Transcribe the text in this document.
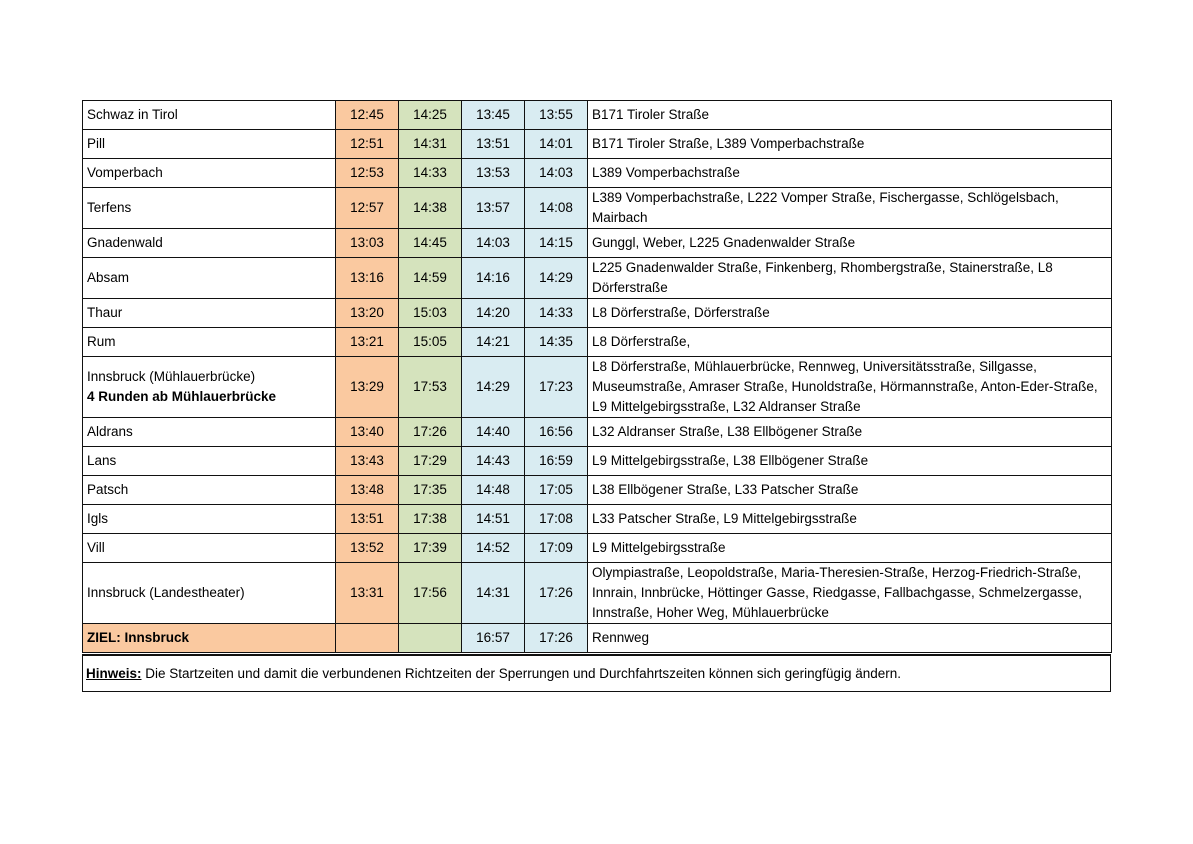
Schwaz in Tirol	12:45	14:25	13:45	13:55	B171 Tiroler Straße
Pill	12:51	14:31	13:51	14:01	B171 Tiroler Straße, L389 Vomperbachstraße
Vomperbach	12:53	14:33	13:53	14:03	L389 Vomperbachstraße
Terfens	12:57	14:38	13:57	14:08	L389 Vomperbachstraße, L222 Vomper Straße, Fischergasse, Schlögelsbach, Mairbach
Gnadenwald	13:03	14:45	14:03	14:15	Gunggl, Weber, L225 Gnadenwalder Straße
Absam	13:16	14:59	14:16	14:29	L225 Gnadenwalder Straße, Finkenberg, Rhombergstraße, Stainerstraße, L8 Dörferstraße
Thaur	13:20	15:03	14:20	14:33	L8 Dörferstraße, Dörferstraße
Rum	13:21	15:05	14:21	14:35	L8 Dörferstraße,
Innsbruck (Mühlauerbrücke)
4 Runden ab Mühlauerbrücke	13:29	17:53	14:29	17:23	L8 Dörferstraße, Mühlauerbrücke, Rennweg, Universitätsstraße, Sillgasse, Museumstraße, Amraser Straße, Hunoldstraße, Hörmannstraße, Anton-Eder-Straße, L9 Mittelgebirgsstraße, L32 Aldranser Straße
Aldrans	13:40	17:26	14:40	16:56	L32 Aldranser Straße, L38 Ellbögener Straße
Lans	13:43	17:29	14:43	16:59	L9 Mittelgebirgsstraße, L38 Ellbögener Straße
Patsch	13:48	17:35	14:48	17:05	L38 Ellbögener Straße, L33 Patscher Straße
Igls	13:51	17:38	14:51	17:08	L33 Patscher Straße, L9 Mittelgebirgsstraße
Vill	13:52	17:39	14:52	17:09	L9 Mittelgebirgsstraße
Innsbruck (Landestheater)	13:31	17:56	14:31	17:26	Olympiastraße, Leopoldstraße, Maria-Theresien-Straße, Herzog-Friedrich-Straße, Innrain, Innbrücke, Höttinger Gasse, Riedgasse, Fallbachgasse, Schmelzergasse, Innstraße, Hoher Weg, Mühlauerbrücke
ZIEL: Innsbruck			16:57	17:26	Rennweg
Hinweis: Die Startzeiten und damit die verbundenen Richtzeiten der Sperrungen und Durchfahrtszeiten können sich geringfügig ändern.
